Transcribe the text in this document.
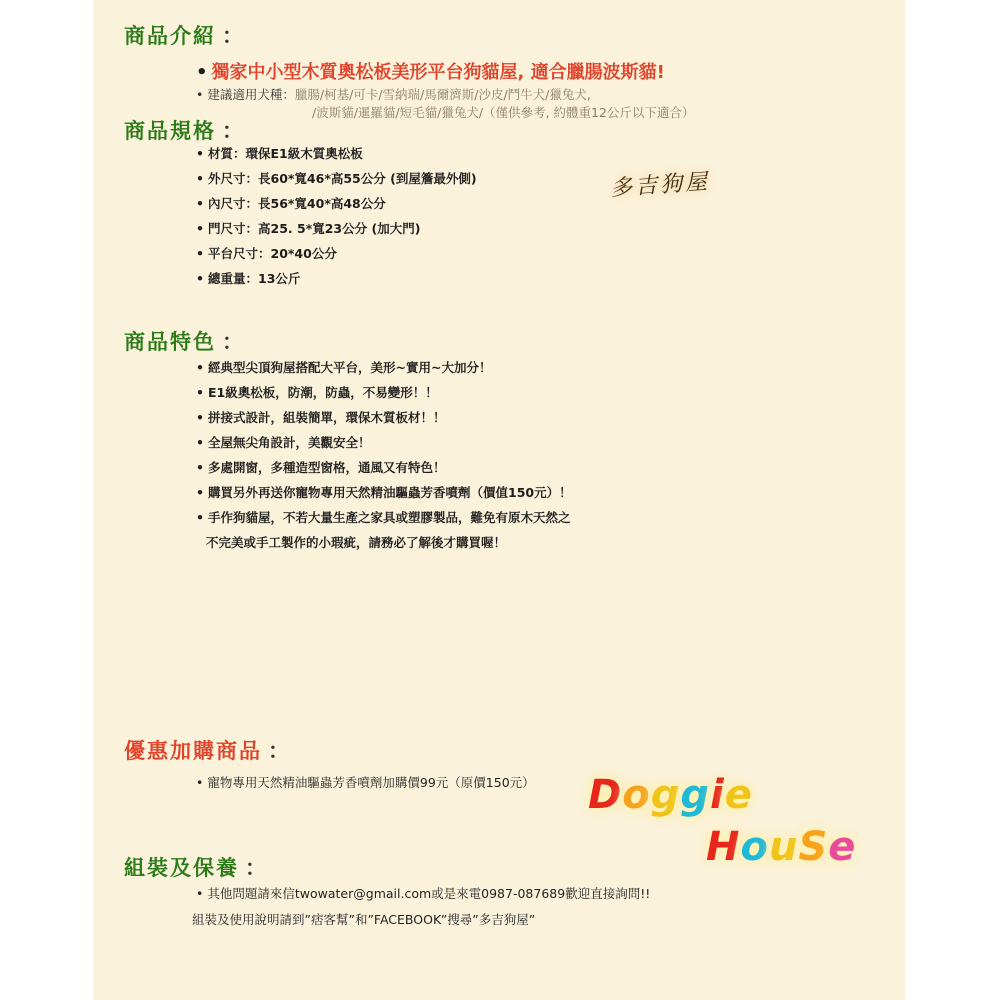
商品介紹 ：
• 獨家中小型木質奧松板美形平台狗貓屋, 適合臘腸波斯貓!
• 建議適用犬種：臘腸/柯基/可卡/雪納瑞/馬爾濟斯/沙皮/鬥牛犬/獵兔犬,
/波斯貓/暹羅貓/短毛貓/獵兔犬/（僅供參考, 約體重12公斤以下適合）
商品規格 ：
• 材質：環保E1級木質奧松板
• 外尺寸：長60*寬46*高55公分 (到屋簷最外側)
• 內尺寸：長56*寬40*高48公分
• 門尺寸：高25. 5*寬23公分 (加大門)
• 平台尺寸：20*40公分
• 總重量：13公斤
多吉狗屋
商品特色 ：
• 經典型尖頂狗屋搭配大平台，美形~實用~大加分！
• E1級奧松板，防潮，防蟲，不易變形！！
• 拼接式設計，組裝簡單，環保木質板材！！
• 全屋無尖角設計，美觀安全！
• 多處開窗，多種造型窗格，通風又有特色！
• 購買另外再送你寵物專用天然精油驅蟲芳香噴劑（價值150元）！
• 手作狗貓屋，不若大量生產之家具或塑膠製品，難免有原木天然之
不完美或手工製作的小瑕疵，請務必了解後才購買喔！
優惠加購商品 ：
• 寵物專用天然精油驅蟲芳香噴劑加購價99元（原價150元） Doggie
HouSe
組裝及保養 ：
• 其他問題請來信twowater@gmail.com或是來電0987-087689歡迎直接詢問!!
組裝及使用說明請到”痞客幫”和”FACEBOOK”搜尋”多吉狗屋”
